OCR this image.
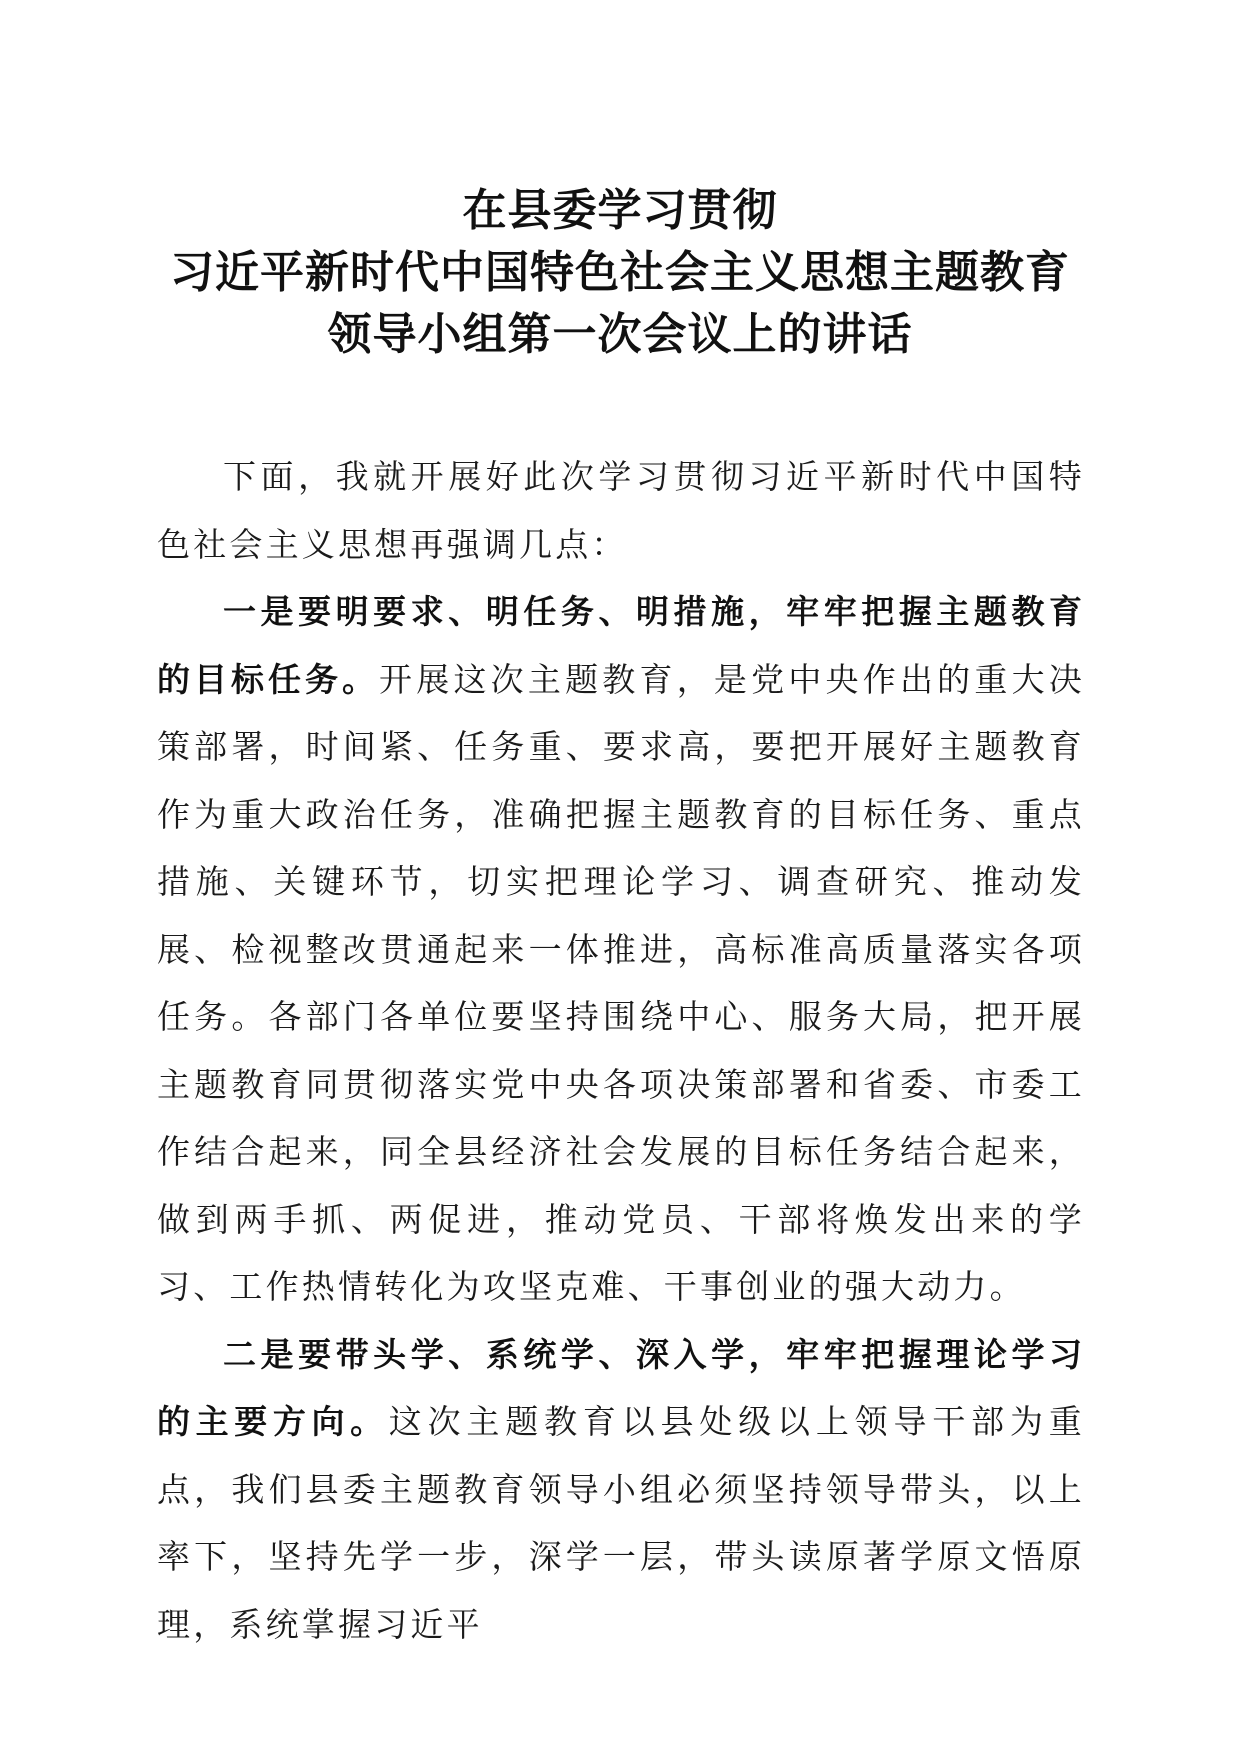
在县委学习贯彻
习近平新时代中国特色社会主义思想主题教育
领导小组第一次会议上的讲话

下面，我就开展好此次学习贯彻习近平新时代中国特色社会主义思想再强调几点：

一是要明要求、明任务、明措施，牢牢把握主题教育的目标任务。开展这次主题教育，是党中央作出的重大决策部署，时间紧、任务重、要求高，要把开展好主题教育作为重大政治任务，准确把握主题教育的目标任务、重点措施、关键环节，切实把理论学习、调查研究、推动发展、检视整改贯通起来一体推进，高标准高质量落实各项任务。各部门各单位要坚持围绕中心、服务大局，把开展主题教育同贯彻落实党中央各项决策部署和省委、市委工作结合起来，同全县经济社会发展的目标任务结合起来，做到两手抓、两促进，推动党员、干部将焕发出来的学习、工作热情转化为攻坚克难、干事创业的强大动力。

二是要带头学、系统学、深入学，牢牢把握理论学习的主要方向。这次主题教育以县处级以上领导干部为重点，我们县委主题教育领导小组必须坚持领导带头，以上率下，坚持先学一步，深学一层，带头读原著学原文悟原理，系统掌握习近平
